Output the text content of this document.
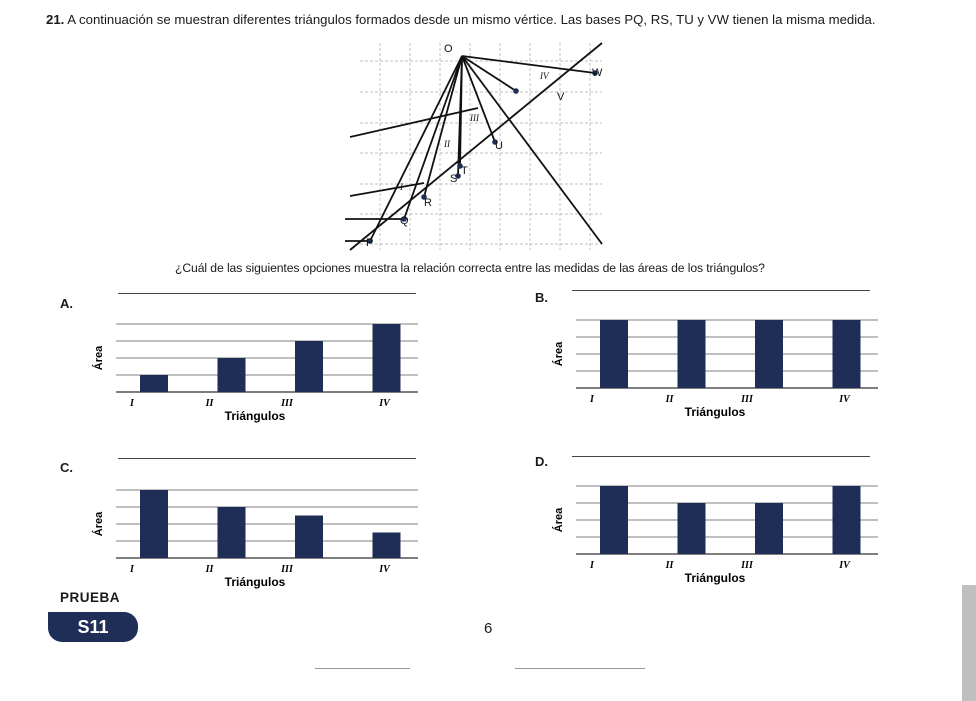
21. A continuación se muestran diferentes triángulos formados desde un mismo vértice. Las bases PQ, RS, TU y VW tienen la misma medida.
O
P
Q
R
S
T
U
V
W
I
II
III
IV
¿Cuál de las siguientes opciones muestra la relación correcta entre las medidas de las áreas de los triángulos?
A.
Área
I	II	III	IV
Triángulos
B.
Área
I	II	III	IV
Triángulos
C.
Área
I	II	III	IV
Triángulos
D.
Área
I	II	III	IV
Triángulos
PRUEBA
S11	6
